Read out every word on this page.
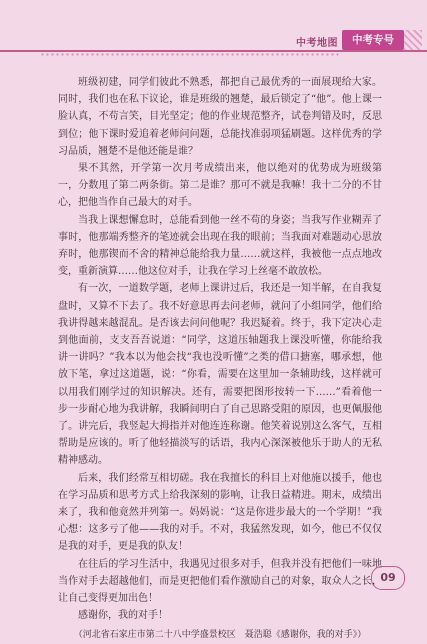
中考地图	中考专号

班级初建，同学们彼此不熟悉，都把自己最优秀的一面展现给大家。同时，我们也在私下议论，谁是班级的翘楚，最后锁定了“他”。他上课一脸认真，不苟言笑，目光坚定；他的作业规范整齐，试卷判错及时，反思到位；他下课时爱追着老师问问题，总能找准弱项猛刷题。这样优秀的学习品质，翘楚不是他还能是谁？

果不其然，开学第一次月考成绩出来，他以绝对的优势成为班级第一，分数甩了第二两条街。第二是谁？那可不就是我嘛！我十二分的不甘心，把他当作自己最大的对手。

当我上课想懈怠时，总能看到他一丝不苟的身姿；当我写作业糊弄了事时，他那端秀整齐的笔迹就会出现在我的眼前；当我面对难题动心思放弃时，他那锲而不舍的精神总能给我力量……就这样，我被他一点点地改变，重新演算……他这位对手，让我在学习上丝毫不敢放松。

有一次，一道数学题，老师上课讲过后，我还是一知半解，在自我复盘时，又算不下去了。我不好意思再去问老师，就问了小组同学，他们给我讲得越来越混乱。是否该去问问他呢？我迟疑着。终于，我下定决心走到他面前，支支吾吾说道：“同学，这道压轴题我上课没听懂，你能给我讲一讲吗？”我本以为他会找“我也没听懂”之类的借口搪塞，哪承想，他放下笔，拿过这道题，说：“你看，需要在这里加一条辅助线，这样就可以用我们刚学过的知识解决。还有，需要把图形按转一下……”看着他一步一步耐心地为我讲解，我瞬间明白了自己思路受阻的原因，也更佩服他了。讲完后，我竖起大拇指并对他连连称谢。他笑着说别这么客气，互相帮助是应该的。听了他轻描淡写的话语，我内心深深被他乐于助人的无私精神感动。

后来，我们经常互相切磋。我在我擅长的科目上对他施以援手，他也在学习品质和思考方式上给我深刻的影响，让我日益精进。期末，成绩出来了，我和他竟然并列第一。妈妈说：“这是你进步最大的一个学期！”我心想：这多亏了他——我的对手。不对，我猛然发现，如今，他已不仅仅是我的对手，更是我的队友！

在往后的学习生活中，我遇见过很多对手，但我并没有把他们一味地当作对手去超越他们，而是更把他们看作激励自己的对象，取众人之长，让自己变得更加出色！

感谢你，我的对手！

（河北省石家庄市第二十八中学盛景校区　聂浩聪《感谢你，我的对手》）

09
